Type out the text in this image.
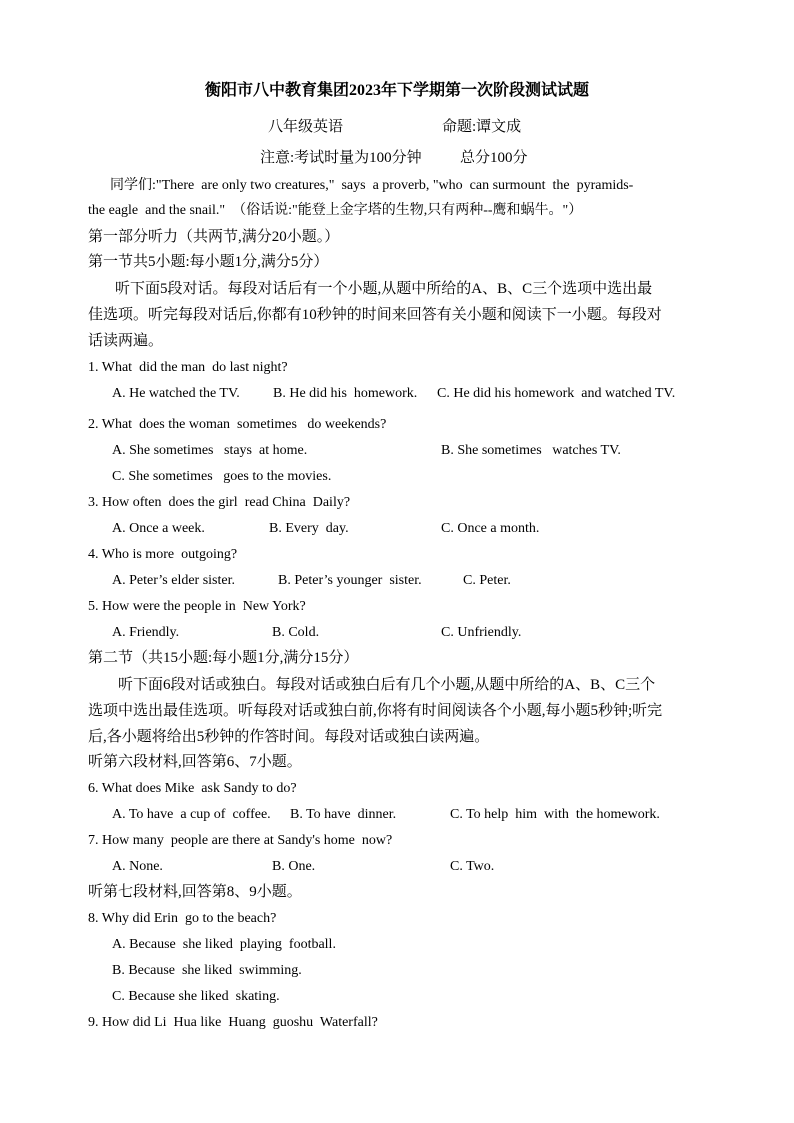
衡阳市八中教育集团2023年下学期第一次阶段测试试题
八年级英语	命题:谭文成
注意:考试时量为100分钟	总分100分
同学们:"There  are only two creatures,"  says  a proverb, "who  can surmount  the  pyramids-
the eagle  and the snail."  （俗话说:"能登上金字塔的生物,只有两种--鹰和蜗牛。"）
第一部分听力（共两节,满分20小题。）
第一节共5小题:每小题1分,满分5分）
听下面5段对话。每段对话后有一个小题,从题中所给的A、B、C三个选项中选出最
佳选项。听完每段对话后,你都有10秒钟的时间来回答有关小题和阅读下一小题。每段对
话读两遍。
1. What  did the man  do last night?
A. He watched the TV. B. He did his  homework. C. He did his homework  and watched TV.
2. What  does the woman  sometimes   do weekends?
A. She sometimes   stays  at home.	B. She sometimes   watches TV.
C. She sometimes   goes to the movies.
3. How often  does the girl  read China  Daily?
A. Once a week.	B. Every  day.	C. Once a month.
4. Who is more  outgoing?
A. Peter’s elder sister.	B. Peter’s younger  sister.	C. Peter.
5. How were the people in  New York?
A. Friendly.	B. Cold.	C. Unfriendly.
第二节（共15小题:每小题1分,满分15分）
听下面6段对话或独白。每段对话或独白后有几个小题,从题中所给的A、B、C三个
选项中选出最佳选项。听每段对话或独白前,你将有时间阅读各个小题,每小题5秒钟;听完
后,各小题将给出5秒钟的作答时间。每段对话或独白读两遍。
听第六段材料,回答第6、7小题。
6. What does Mike  ask Sandy to do?
A. To have  a cup of  coffee. B. To have  dinner.	C. To help  him  with  the homework.
7. How many  people are there at Sandy's home  now?
A. None.	B. One.	C. Two.
听第七段材料,回答第8、9小题。
8. Why did Erin  go to the beach?
A. Because  she liked  playing  football.
B. Because  she liked  swimming.
C. Because she liked  skating.
9. How did Li  Hua like  Huang  guoshu  Waterfall?
